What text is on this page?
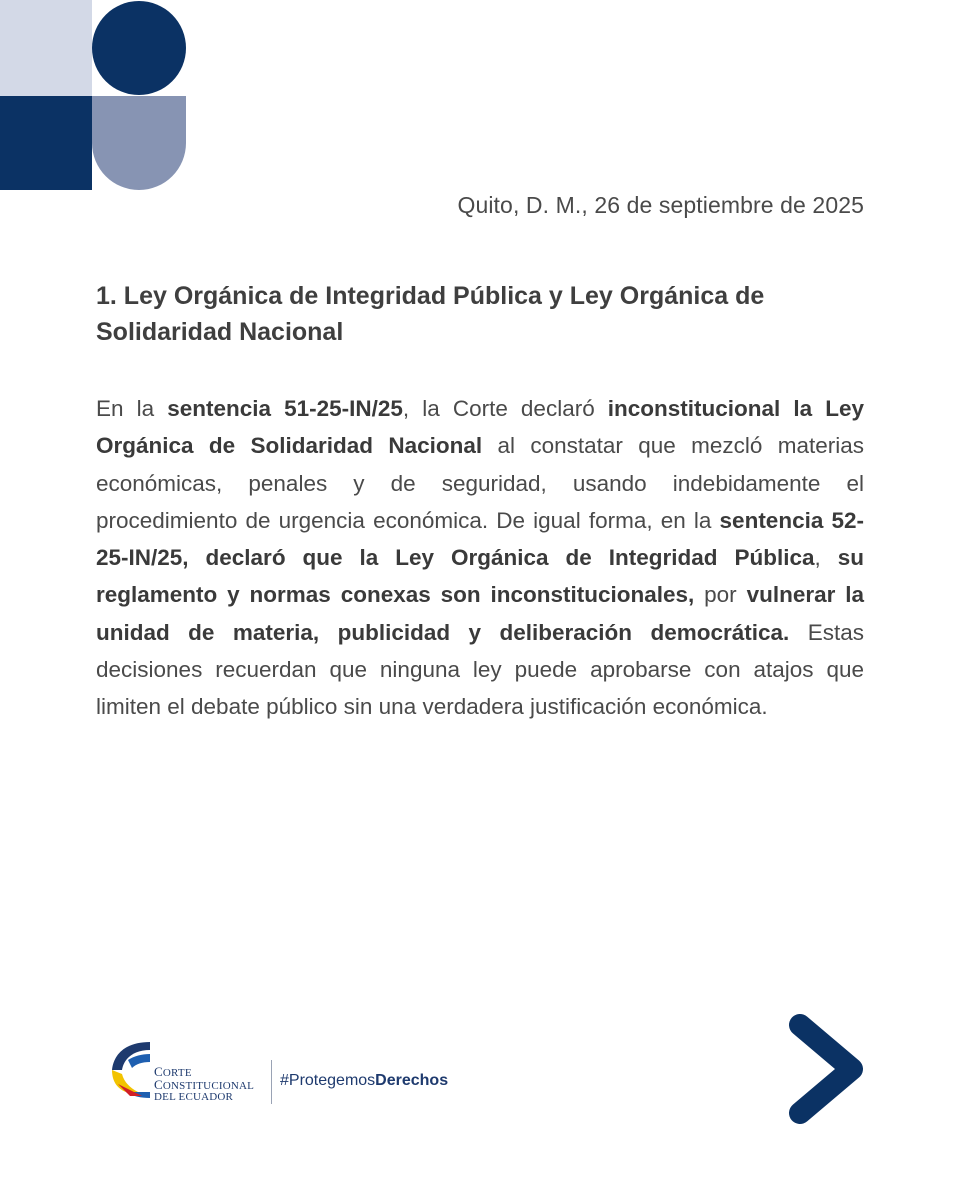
Quito, D. M., 26 de septiembre de 2025
1. Ley Orgánica de Integridad Pública y Ley Orgánica de Solidaridad Nacional

En la sentencia 51-25-IN/25, la Corte declaró inconstitucional la Ley Orgánica de Solidaridad Nacional al constatar que mezcló materias económicas, penales y de seguridad, usando indebidamente el procedimiento de urgencia económica. De igual forma, en la sentencia 52-25-IN/25, declaró que la Ley Orgánica de Integridad Pública, su reglamento y normas conexas son inconstitucionales, por vulnerar la unidad de materia, publicidad y deliberación democrática. Estas decisiones recuerdan que ninguna ley puede aprobarse con atajos que limiten el debate público sin una verdadera justificación económica.

CORTE
CONSTITUCIONAL
DEL ECUADOR
#ProtegemosDerechos
